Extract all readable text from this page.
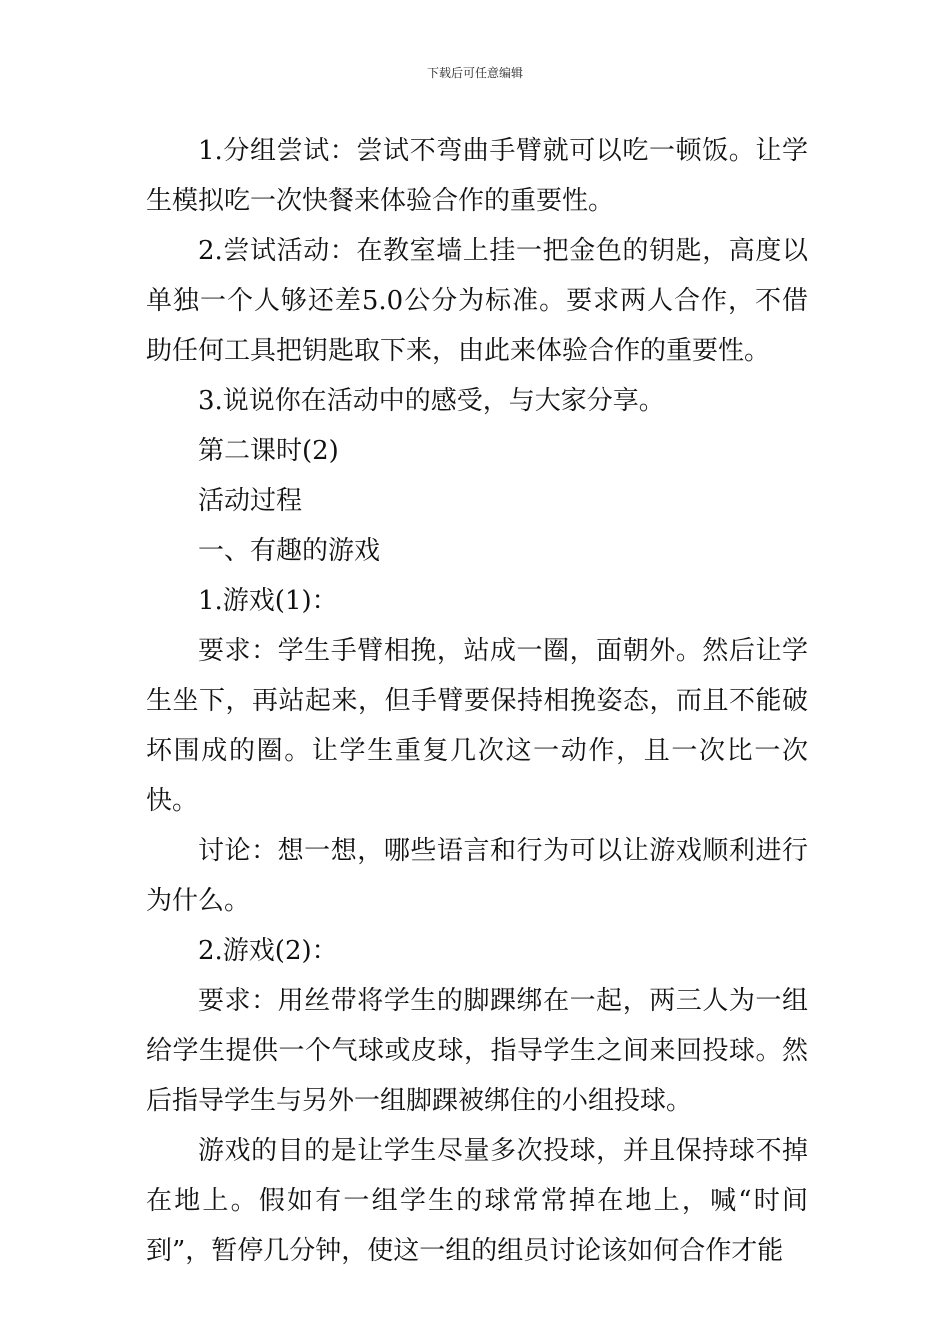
下载后可任意编辑

1.分组尝试：尝试不弯曲手臂就可以吃一顿饭。让学生模拟吃一次快餐来体验合作的重要性。

2.尝试活动：在教室墙上挂一把金色的钥匙，高度以单独一个人够还差5.0公分为标准。要求两人合作，不借助任何工具把钥匙取下来，由此来体验合作的重要性。

3.说说你在活动中的感受，与大家分享。

第二课时(2)

活动过程

一、有趣的游戏

1.游戏(1)：

要求：学生手臂相挽，站成一圈，面朝外。然后让学生坐下，再站起来，但手臂要保持相挽姿态，而且不能破坏围成的圈。让学生重复几次这一动作，且一次比一次快。

讨论：想一想，哪些语言和行为可以让游戏顺利进行为什么。

2.游戏(2)：

要求：用丝带将学生的脚踝绑在一起，两三人为一组给学生提供一个气球或皮球，指导学生之间来回投球。然后指导学生与另外一组脚踝被绑住的小组投球。

游戏的目的是让学生尽量多次投球，并且保持球不掉在地上。假如有一组学生的球常常掉在地上，喊“时间到”，暂停几分钟，使这一组的组员讨论该如何合作才能
